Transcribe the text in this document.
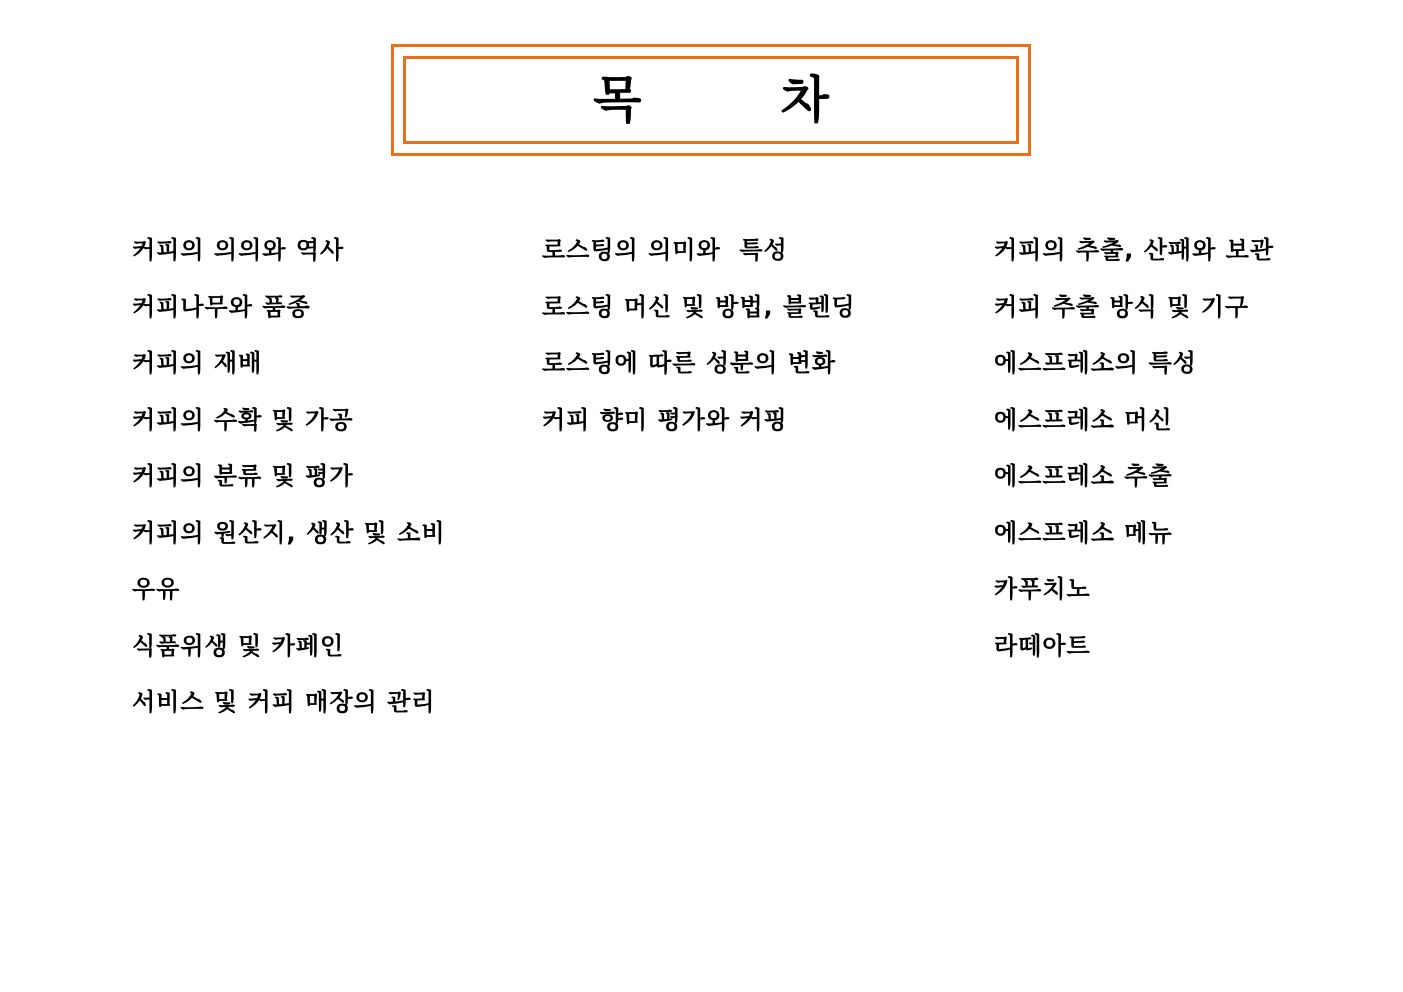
목        차
커피의 의의와 역사
커피나무와 품종
커피의 재배
커피의 수확 및 가공
커피의 분류 및 평가
커피의 원산지, 생산 및 소비
우유
식품위생 및 카페인
서비스 및 커피 매장의 관리
로스팅의 의미와  특성
로스팅 머신 및 방법, 블렌딩
로스팅에 따른 성분의 변화
커피 향미 평가와 커핑
커피의 추출, 산패와 보관
커피 추출 방식 및 기구
에스프레소의 특성
에스프레소 머신
에스프레소 추출
에스프레소 메뉴
카푸치노
라떼아트
